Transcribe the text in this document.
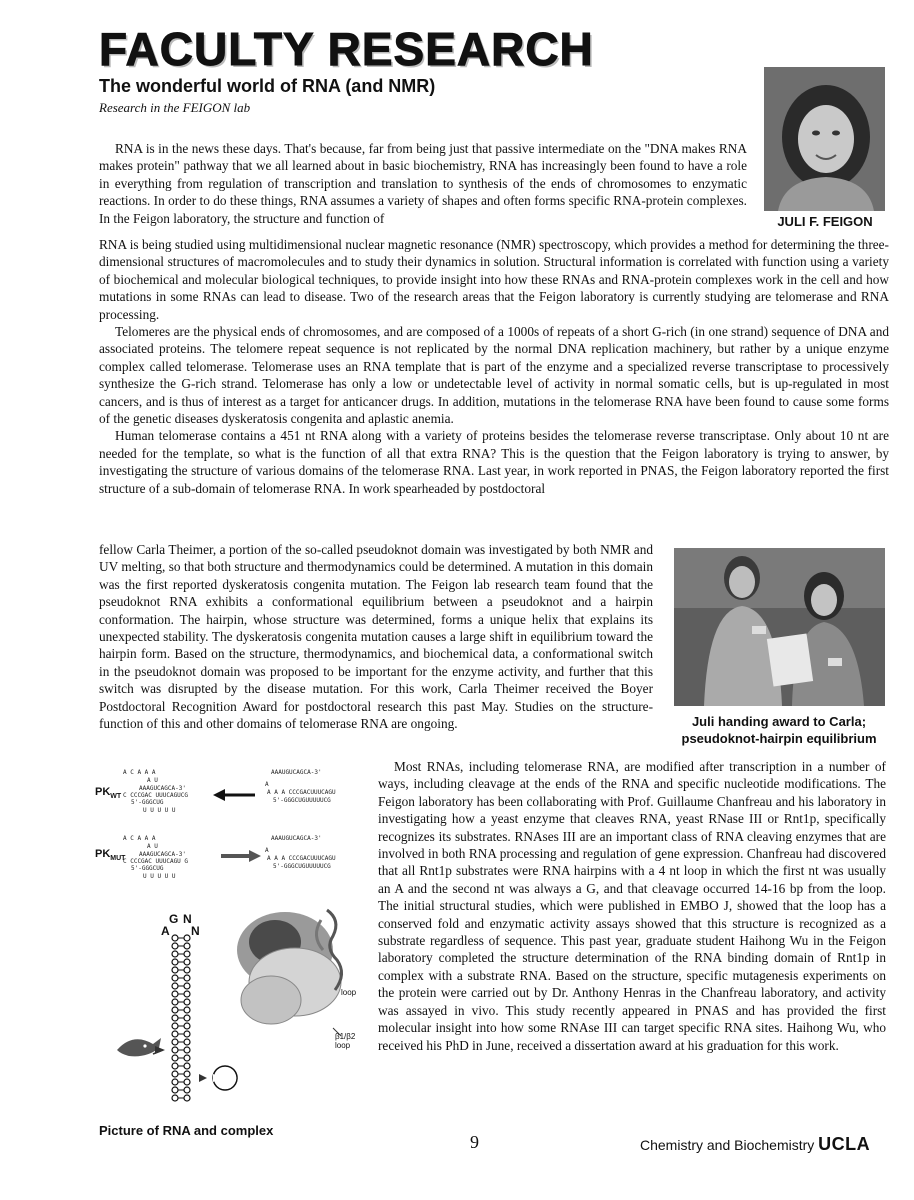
FACULTY RESEARCH
The wonderful world of RNA (and NMR)
Research in the FEIGON lab
JULI F. FEIGON

RNA is in the news these days. That's because, far from being just that passive intermediate on the "DNA makes RNA makes protein" pathway that we all learned about in basic biochemistry, RNA has increasingly been found to have a role in everything from regulation of transcription and translation to synthesis of the ends of chromosomes to enzymatic reactions. In order to do these things, RNA assumes a variety of shapes and often forms specific RNA-protein complexes. In the Feigon laboratory, the structure and function of

RNA is being studied using multidimensional nuclear magnetic resonance (NMR) spectroscopy, which provides a method for determining the three-dimensional structures of macromolecules and to study their dynamics in solution. Structural information is correlated with function using a variety of biochemical and molecular biological techniques, to provide insight into how these RNAs and RNA-protein complexes work in the cell and how mutations in some RNAs can lead to disease. Two of the research areas that the Feigon laboratory is currently studying are telomerase and RNA processing.

Telomeres are the physical ends of chromosomes, and are composed of a 1000s of repeats of a short G-rich (in one strand) sequence of DNA and associated proteins. The telomere repeat sequence is not replicated by the normal DNA replication machinery, but rather by a unique enzyme complex called telomerase. Telomerase uses an RNA template that is part of the enzyme and a specialized reverse transcriptase to processively synthesize the G-rich strand. Telomerase has only a low or undetectable level of activity in normal somatic cells, but is up-regulated in most cancers, and is thus of interest as a target for anticancer drugs. In addition, mutations in the telomerase RNA have been found to cause some forms of the genetic diseases dyskeratosis congenita and aplastic anemia.

Human telomerase contains a 451 nt RNA along with a variety of proteins besides the telomerase reverse transcriptase. Only about 10 nt are needed for the template, so what is the function of all that extra RNA? This is the question that the Feigon laboratory is trying to answer, by investigating the structure of various domains of the telomerase RNA. Last year, in work reported in PNAS, the Feigon laboratory reported the first structure of a sub-domain of telomerase RNA. In work spearheaded by postdoctoral

Juli handing award to Carla;
pseudoknot-hairpin equilibrium

fellow Carla Theimer, a portion of the so-called pseudoknot domain was investigated by both NMR and UV melting, so that both structure and thermodynamics could be determined. A mutation in this domain was the first reported dyskeratosis congenita mutation. The Feigon lab research team found that the pseudoknot RNA exhibits a conformational equilibrium between a pseudoknot and a hairpin conformation. The hairpin, whose structure was determined, forms a unique helix that explains its unexpected stability. The dyskeratosis congenita mutation causes a large shift in equilibrium toward the hairpin form. Based on the structure, thermodynamics, and biochemical data, a conformational switch in the pseudoknot domain was proposed to be important for the enzyme activity, and further that this switch was disrupted by the disease mutation. For this work, Carla Theimer received the Boyer Postdoctoral Recognition Award for postdoctoral research this past May. Studies on the structure-function of this and other domains of telomerase RNA are ongoing.

A C A A A
A U
AAAGUCAGCA-3'
C CCCGAC UUUCAGUCG
5'-GGGCUG
U U U U U
AAAUGUCAGCA-3'
A
A A A CCCGACUUUCAGU
5'-GGGCUGUUUUUCG
A C A A A
A U
AAAGUCAGCA-3'
C CCCGAC UUUCAGU G
5'-GGGCUG
U U U U U
AAAUGUCAGCA-3'
A
A A A CCCGACUUUCAGU
5'-GGGCUGUUUUUCG
$PK_{WT}$
$PK_{MUT}$
G N
A N
loop
β1/β2 loop
Picture of RNA and complex

Most RNAs, including telomerase RNA, are modified after transcription in a number of ways, including cleavage at the ends of the RNA and specific nucleotide modifications. The Feigon laboratory has been collaborating with Prof. Guillaume Chanfreau and his laboratory in investigating how a yeast enzyme that cleaves RNA, yeast RNase III or Rnt1p, specifically recognizes its substrates. RNAses III are an important class of RNA cleaving enzymes that are involved in both RNA processing and regulation of gene expression. Chanfreau had discovered that all Rnt1p substrates were RNA hairpins with a 4 nt loop in which the first nt was usually an A and the second nt was always a G, and that cleavage occurred 14-16 bp from the loop. The initial structural studies, which were published in EMBO J, showed that the loop has a conserved fold and enzymatic activity assays showed that this structure is recognized as a substrate regardless of sequence. This past year, graduate student Haihong Wu in the Feigon laboratory completed the structure determination of the RNA binding domain of Rnt1p in complex with a substrate RNA. Based on the structure, specific mutagenesis experiments on the protein were carried out by Dr. Anthony Henras in the Chanfreau laboratory, and activity was assayed in vivo. This study recently appeared in PNAS and has provided the first molecular insight into how some RNAse III can target specific RNA sites. Haihong Wu, who received his PhD in June, received a dissertation award at his graduation for this work.

9	Chemistry and Biochemistry UCLA
